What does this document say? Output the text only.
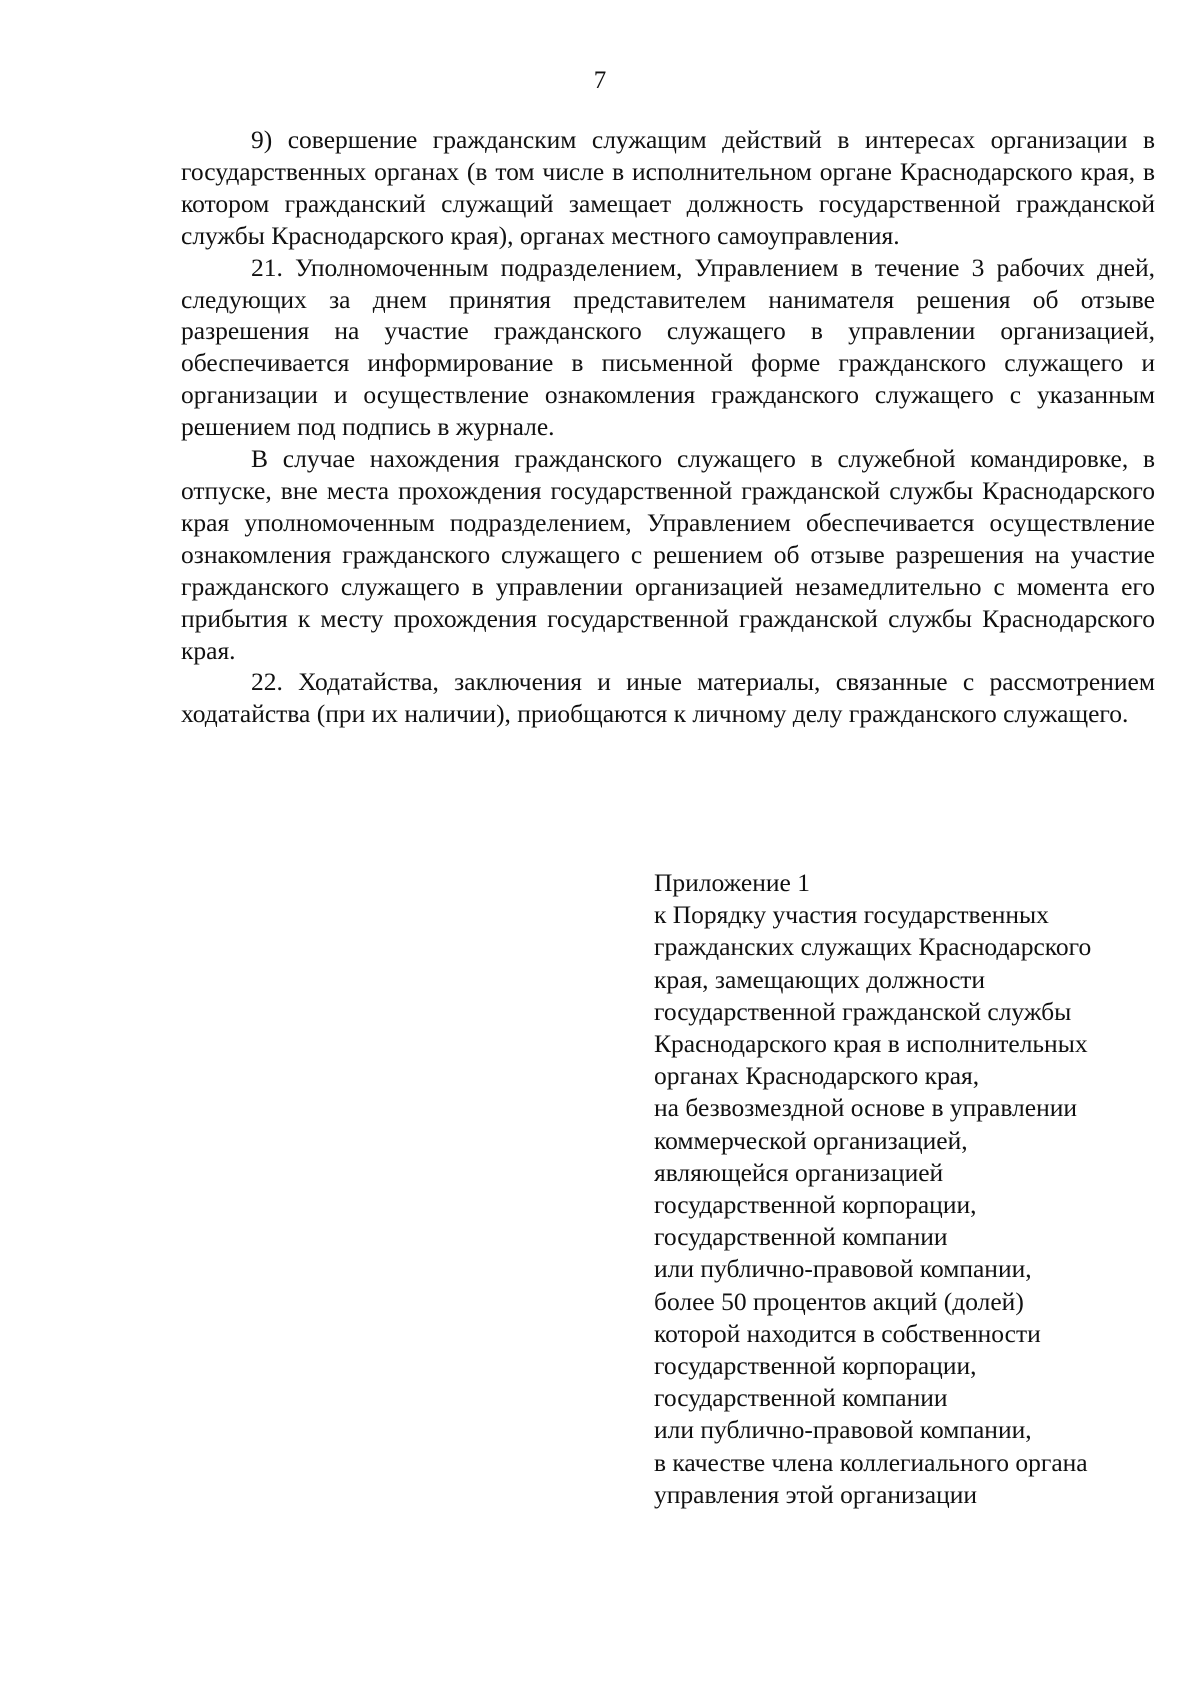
7

9) совершение гражданским служащим действий в интересах организации в государственных органах (в том числе в исполнительном органе Краснодарского края, в котором гражданский служащий замещает должность государственной гражданской службы Краснодарского края), органах местного самоуправления.

21. Уполномоченным подразделением, Управлением в течение 3 рабочих дней, следующих за днем принятия представителем нанимателя решения об отзыве разрешения на участие гражданского служащего в управлении организацией, обеспечивается информирование в письменной форме гражданского служащего и организации и осуществление ознакомления гражданского служащего с указанным решением под подпись в журнале.

В случае нахождения гражданского служащего в служебной командировке, в отпуске, вне места прохождения государственной гражданской службы Краснодарского края уполномоченным подразделением, Управлением обеспечивается осуществление ознакомления гражданского служащего с решением об отзыве разрешения на участие гражданского служащего в управлении организацией незамедлительно с момента его прибытия к месту прохождения государственной гражданской службы Краснодарского края.

22. Ходатайства, заключения и иные материалы, связанные с рассмотрением ходатайства (при их наличии), приобщаются к личному делу гражданского служащего.

Приложение 1
к Порядку участия государственных
гражданских служащих Краснодарского
края, замещающих должности
государственной гражданской службы
Краснодарского края в исполнительных
органах Краснодарского края,
на безвозмездной основе в управлении
коммерческой организацией,
являющейся организацией
государственной корпорации,
государственной компании
или публично-правовой компании,
более 50 процентов акций (долей)
которой находится в собственности
государственной корпорации,
государственной компании
или публично-правовой компании,
в качестве члена коллегиального органа
управления этой организации
